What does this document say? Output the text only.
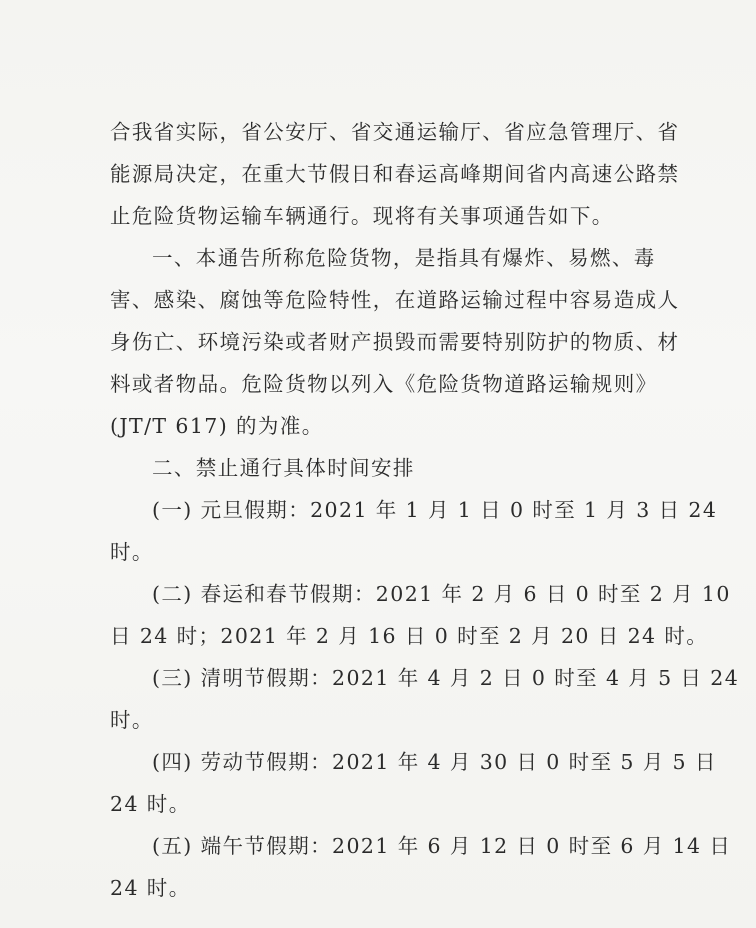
合我省实际，省公安厅、省交通运输厅、省应急管理厅、省
能源局决定，在重大节假日和春运高峰期间省内高速公路禁
止危险货物运输车辆通行。现将有关事项通告如下。
一、本通告所称危险货物，是指具有爆炸、易燃、毒
害、感染、腐蚀等危险特性，在道路运输过程中容易造成人
身伤亡、环境污染或者财产损毁而需要特别防护的物质、材
料或者物品。危险货物以列入《危险货物道路运输规则》
(JT/T 617) 的为准。
二、禁止通行具体时间安排
(一) 元旦假期：2021 年 1 月 1 日 0 时至 1 月 3 日 24
时。
(二) 春运和春节假期：2021 年 2 月 6 日 0 时至 2 月 10
日 24 时；2021 年 2 月 16 日 0 时至 2 月 20 日 24 时。
(三) 清明节假期：2021 年 4 月 2 日 0 时至 4 月 5 日 24
时。
(四) 劳动节假期：2021 年 4 月 30 日 0 时至 5 月 5 日
24 时。
(五) 端午节假期：2021 年 6 月 12 日 0 时至 6 月 14 日
24 时。
